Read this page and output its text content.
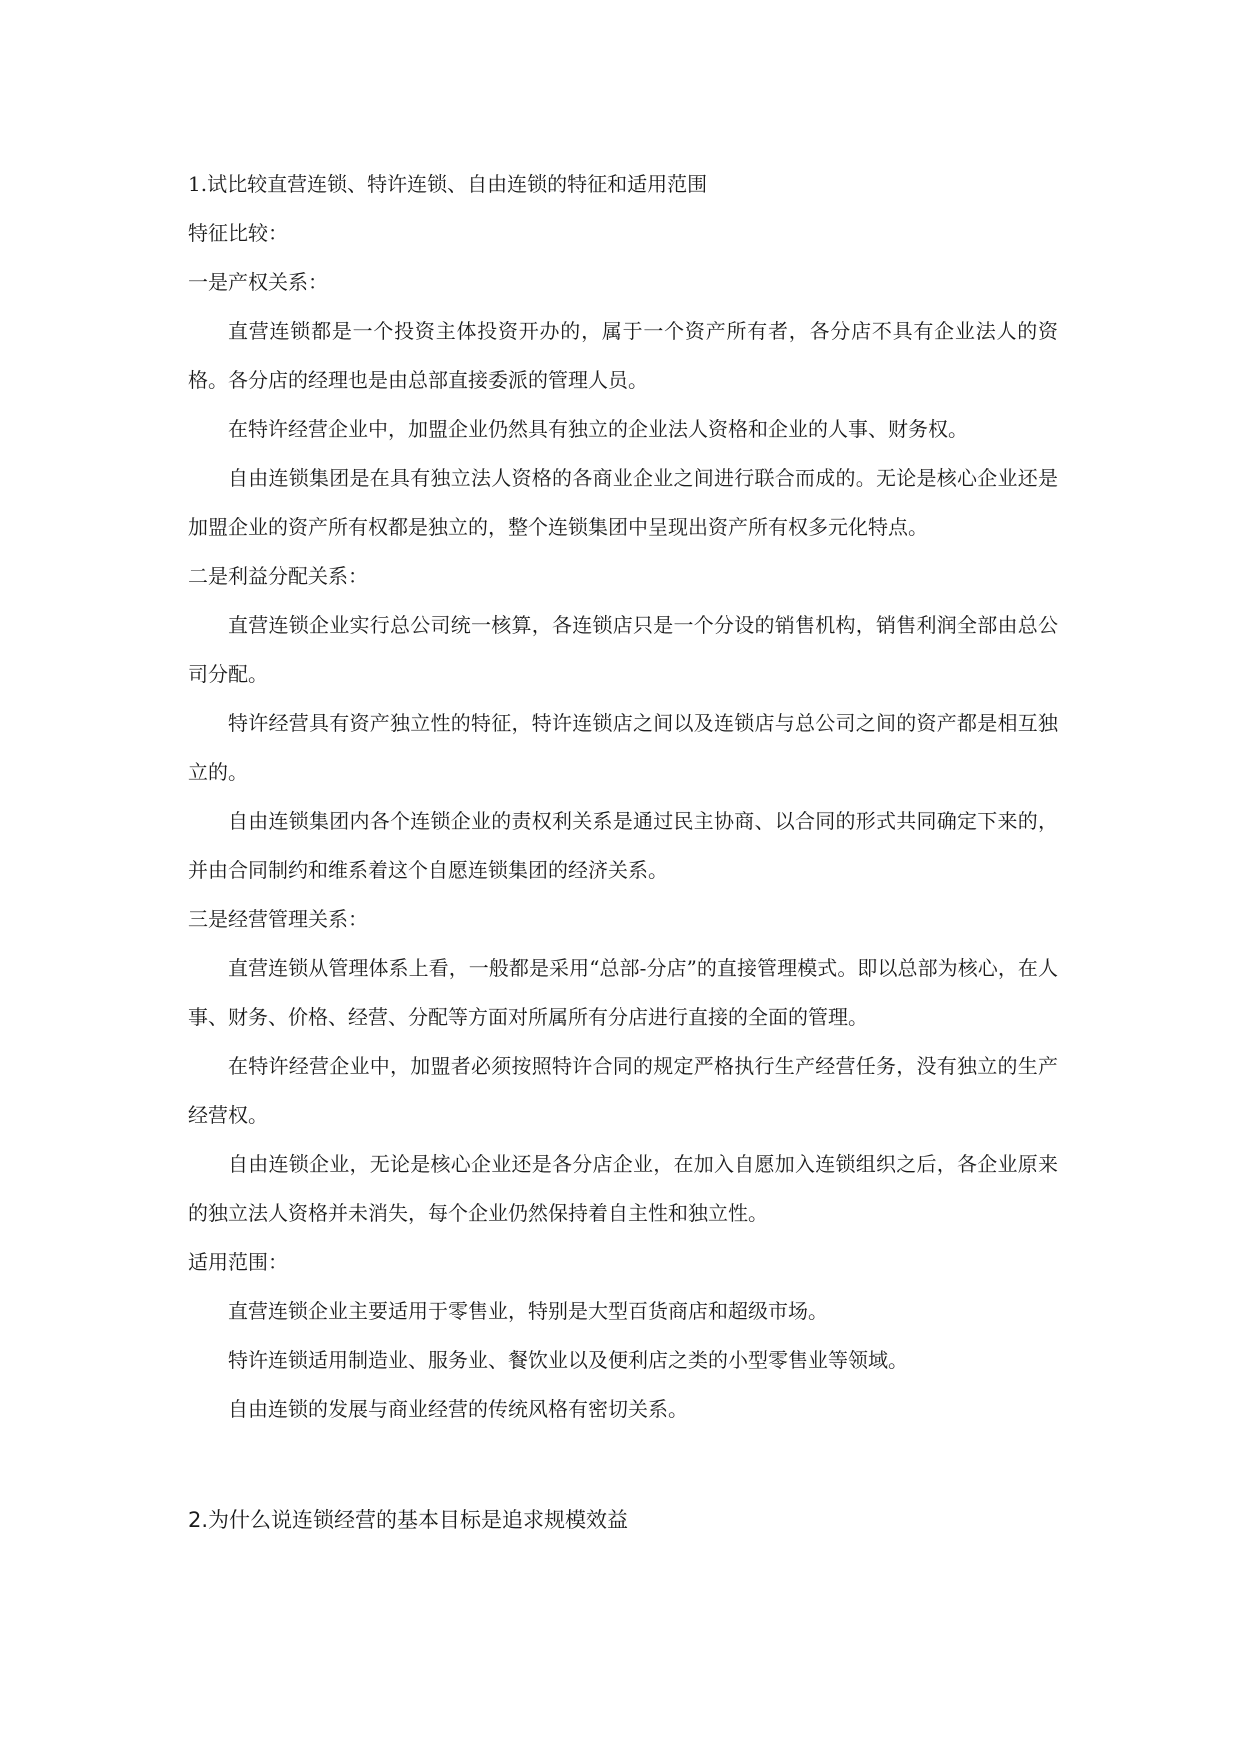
1.试比较直营连锁、特许连锁、自由连锁的特征和适用范围
特征比较：
一是产权关系：

直营连锁都是一个投资主体投资开办的，属于一个资产所有者，各分店不具有企业法人的资格。各分店的经理也是由总部直接委派的管理人员。

在特许经营企业中，加盟企业仍然具有独立的企业法人资格和企业的人事、财务权。

自由连锁集团是在具有独立法人资格的各商业企业之间进行联合而成的。无论是核心企业还是加盟企业的资产所有权都是独立的，整个连锁集团中呈现出资产所有权多元化特点。

二是利益分配关系：

直营连锁企业实行总公司统一核算，各连锁店只是一个分设的销售机构，销售利润全部由总公司分配。

特许经营具有资产独立性的特征，特许连锁店之间以及连锁店与总公司之间的资产都是相互独立的。

自由连锁集团内各个连锁企业的责权利关系是通过民主协商、以合同的形式共同确定下来的，并由合同制约和维系着这个自愿连锁集团的经济关系。

三是经营管理关系：

直营连锁从管理体系上看，一般都是采用“总部-分店”的直接管理模式。即以总部为核心，在人事、财务、价格、经营、分配等方面对所属所有分店进行直接的全面的管理。

在特许经营企业中，加盟者必须按照特许合同的规定严格执行生产经营任务，没有独立的生产经营权。

自由连锁企业，无论是核心企业还是各分店企业，在加入自愿加入连锁组织之后，各企业原来的独立法人资格并未消失，每个企业仍然保持着自主性和独立性。

适用范围：

直营连锁企业主要适用于零售业，特别是大型百货商店和超级市场。

特许连锁适用制造业、服务业、餐饮业以及便利店之类的小型零售业等领域。

自由连锁的发展与商业经营的传统风格有密切关系。

2.为什么说连锁经营的基本目标是追求规模效益
